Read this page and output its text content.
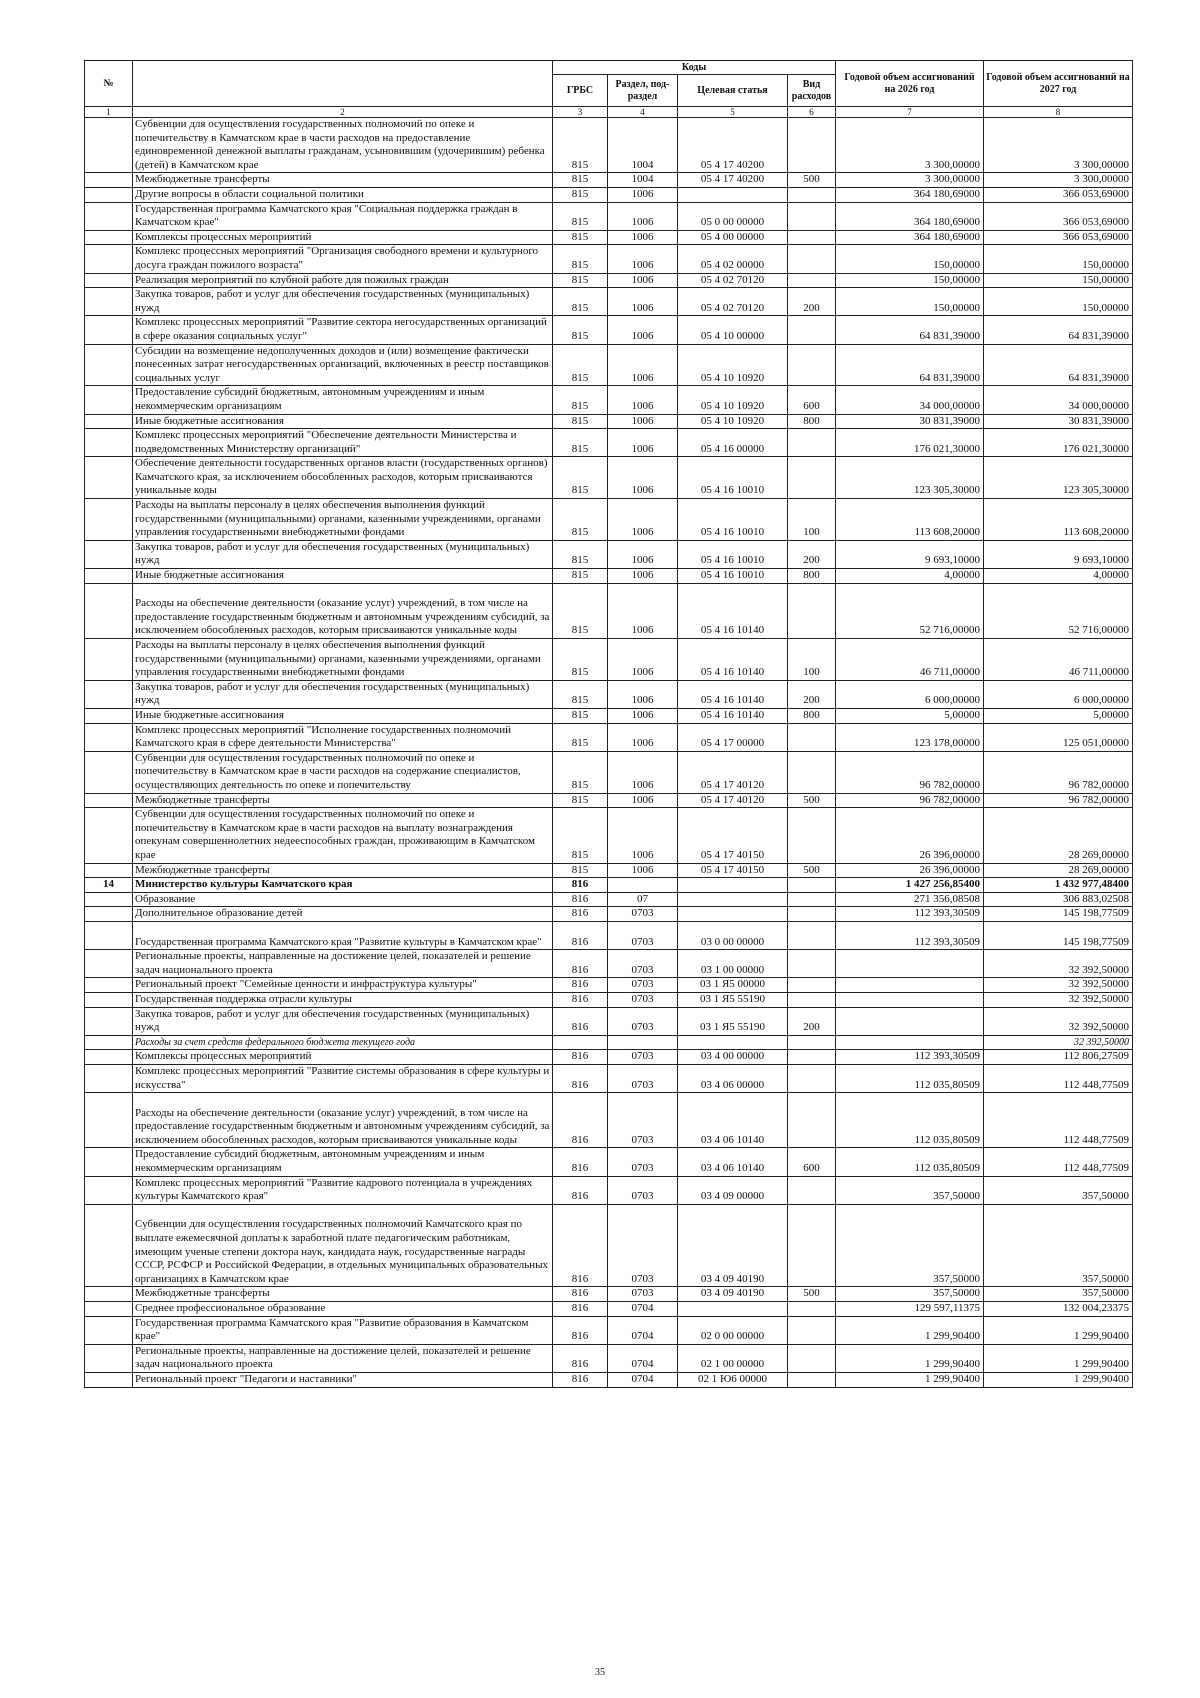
№		Коды				Годовой объем ассигнований на 2026 год	Годовой объем ассигнований на 2027 год
		ГРБС	Раздел, под-раздел	Целевая статья	Вид расходов		
1	2	3	4	5	6	7	8
	Субвенции для осуществления государственных полномочий по опеке и попечительству в Камчатском крае в части расходов на предоставление единовременной денежной выплаты гражданам, усыновившим (удочерившим) ребенка (детей) в Камчатском крае	815	1004	05 4 17 40200		3 300,00000	3 300,00000
	Межбюджетные трансферты	815	1004	05 4 17 40200	500	3 300,00000	3 300,00000
	Другие вопросы в области социальной политики	815	1006			364 180,69000	366 053,69000
	Государственная программа Камчатского края "Социальная поддержка граждан в Камчатском крае"	815	1006	05 0 00 00000		364 180,69000	366 053,69000
	Комплексы процессных мероприятий	815	1006	05 4 00 00000		364 180,69000	366 053,69000
	Комплекс процессных мероприятий "Организация свободного времени и культурного досуга граждан пожилого возраста"	815	1006	05 4 02 00000		150,00000	150,00000
	Реализация мероприятий по клубной работе для пожилых граждан	815	1006	05 4 02 70120		150,00000	150,00000
	Закупка товаров, работ и услуг для обеспечения государственных (муниципальных) нужд	815	1006	05 4 02 70120	200	150,00000	150,00000
	Комплекс процессных мероприятий "Развитие сектора негосударственных организаций в сфере оказания социальных услуг"	815	1006	05 4 10 00000		64 831,39000	64 831,39000
	Субсидии на возмещение недополученных доходов и (или) возмещение фактически понесенных затрат негосударственных организаций, включенных в реестр поставщиков социальных услуг	815	1006	05 4 10 10920		64 831,39000	64 831,39000
	Предоставление субсидий бюджетным, автономным учреждениям и иным некоммерческим организациям	815	1006	05 4 10 10920	600	34 000,00000	34 000,00000
	Иные бюджетные ассигнования	815	1006	05 4 10 10920	800	30 831,39000	30 831,39000
	Комплекс процессных мероприятий "Обеспечение деятельности Министерства и подведомственных Министерству организаций"	815	1006	05 4 16 00000		176 021,30000	176 021,30000
	Обеспечение деятельности государственных органов власти (государственных органов) Камчатского края, за исключением обособленных расходов, которым присваиваются уникальные коды	815	1006	05 4 16 10010		123 305,30000	123 305,30000
	Расходы на выплаты персоналу в целях обеспечения выполнения функций государственными (муниципальными) органами, казенными учреждениями, органами управления государственными внебюджетными фондами	815	1006	05 4 16 10010	100	113 608,20000	113 608,20000
	Закупка товаров, работ и услуг для обеспечения государственных (муниципальных) нужд	815	1006	05 4 16 10010	200	9 693,10000	9 693,10000
	Иные бюджетные ассигнования	815	1006	05 4 16 10010	800	4,00000	4,00000
	Расходы на обеспечение деятельности (оказание услуг) учреждений, в том числе на предоставление государственным бюджетным и автономным учреждениям субсидий, за исключением обособленных расходов, которым присваиваются уникальные коды	815	1006	05 4 16 10140		52 716,00000	52 716,00000
	Расходы на выплаты персоналу в целях обеспечения выполнения функций государственными (муниципальными) органами, казенными учреждениями, органами управления государственными внебюджетными фондами	815	1006	05 4 16 10140	100	46 711,00000	46 711,00000
	Закупка товаров, работ и услуг для обеспечения государственных (муниципальных) нужд	815	1006	05 4 16 10140	200	6 000,00000	6 000,00000
	Иные бюджетные ассигнования	815	1006	05 4 16 10140	800	5,00000	5,00000
	Комплекс процессных мероприятий "Исполнение государственных полномочий Камчатского края в сфере деятельности Министерства"	815	1006	05 4 17 00000		123 178,00000	125 051,00000
	Субвенции для осуществления государственных полномочий по опеке и попечительству в Камчатском крае в части расходов на содержание специалистов, осуществляющих деятельность по опеке и попечительству	815	1006	05 4 17 40120		96 782,00000	96 782,00000
	Межбюджетные трансферты	815	1006	05 4 17 40120	500	96 782,00000	96 782,00000
	Субвенции для осуществления государственных полномочий по опеке и попечительству в Камчатском крае в части расходов на выплату вознаграждения опекунам совершеннолетних недееспособных граждан, проживающим в Камчатском крае	815	1006	05 4 17 40150		26 396,00000	28 269,00000
	Межбюджетные трансферты	815	1006	05 4 17 40150	500	26 396,00000	28 269,00000
14	Министерство культуры Камчатского края	816				1 427 256,85400	1 432 977,48400
	Образование	816	07			271 356,08508	306 883,02508
	Дополнительное образование детей	816	0703			112 393,30509	145 198,77509
	Государственная программа Камчатского края "Развитие культуры в Камчатском крае"	816	0703	03 0 00 00000		112 393,30509	145 198,77509
	Региональные проекты, направленные на достижение целей, показателей и решение задач национального проекта	816	0703	03 1 00 00000			32 392,50000
	Региональный проект "Семейные ценности и инфраструктура культуры"	816	0703	03 1 Я5 00000			32 392,50000
	Государственная поддержка отрасли культуры	816	0703	03 1 Я5 55190			32 392,50000
	Закупка товаров, работ и услуг для обеспечения государственных (муниципальных) нужд	816	0703	03 1 Я5 55190	200		32 392,50000
	Расходы за счет средств федерального бюджета текущего года						32 392,50000
	Комплексы процессных мероприятий	816	0703	03 4 00 00000		112 393,30509	112 806,27509
	Комплекс процессных мероприятий "Развитие системы образования в сфере культуры и искусства"	816	0703	03 4 06 00000		112 035,80509	112 448,77509
	Расходы на обеспечение деятельности (оказание услуг) учреждений, в том числе на предоставление государственным бюджетным и автономным учреждениям субсидий, за исключением обособленных расходов, которым присваиваются уникальные коды	816	0703	03 4 06 10140		112 035,80509	112 448,77509
	Предоставление субсидий бюджетным, автономным учреждениям и иным некоммерческим организациям	816	0703	03 4 06 10140	600	112 035,80509	112 448,77509
	Комплекс процессных мероприятий "Развитие кадрового потенциала в учреждениях культуры Камчатского края"	816	0703	03 4 09 00000		357,50000	357,50000
	Субвенции для осуществления государственных полномочий Камчатского края по выплате ежемесячной доплаты к заработной плате педагогическим работникам, имеющим ученые степени доктора наук, кандидата наук, государственные награды СССР, РСФСР и Российской Федерации, в отдельных муниципальных образовательных организациях в Камчатском крае	816	0703	03 4 09 40190		357,50000	357,50000
	Межбюджетные трансферты	816	0703	03 4 09 40190	500	357,50000	357,50000
	Среднее профессиональное образование	816	0704			129 597,11375	132 004,23375
	Государственная программа Камчатского края "Развитие образования в Камчатском крае"	816	0704	02 0 00 00000		1 299,90400	1 299,90400
	Региональные проекты, направленные на достижение целей, показателей и решение задач национального проекта	816	0704	02 1 00 00000		1 299,90400	1 299,90400
	Региональный проект "Педагоги и наставники"	816	0704	02 1 Ю6 00000		1 299,90400	1 299,90400
35
